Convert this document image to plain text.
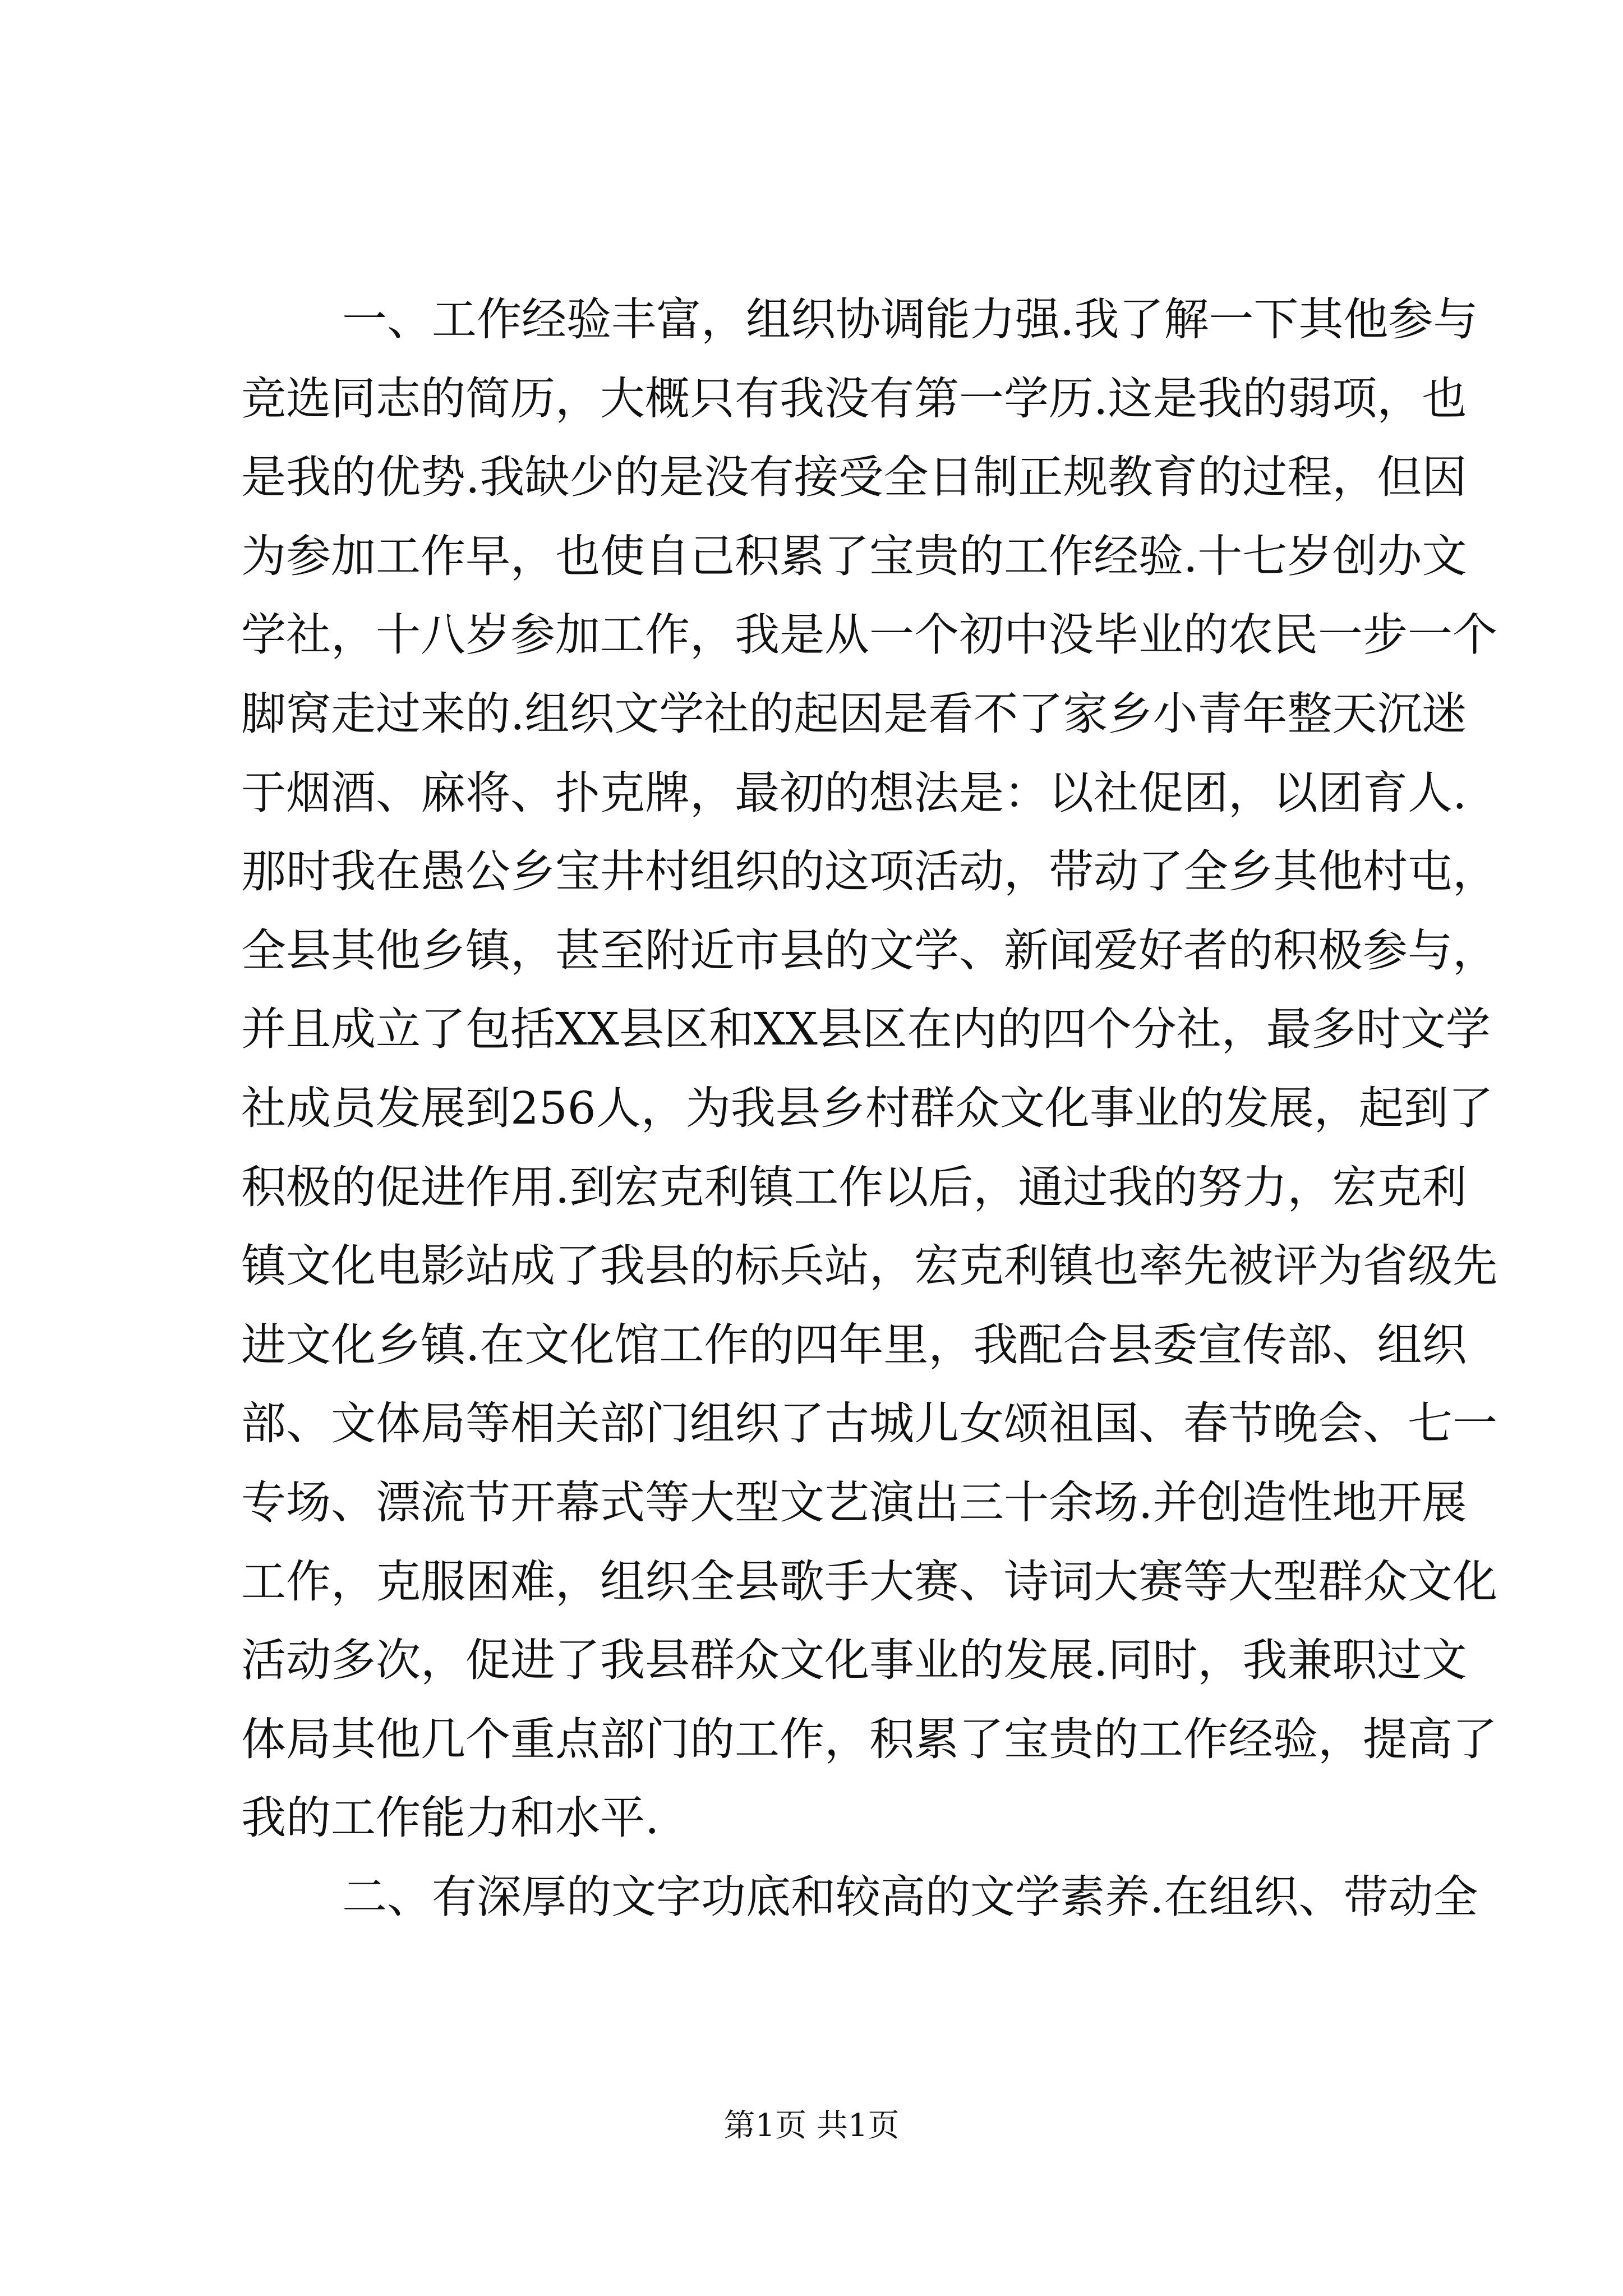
一、工作经验丰富，组织协调能力强.我了解一下其他参与
竞选同志的简历，大概只有我没有第一学历.这是我的弱项，也
是我的优势.我缺少的是没有接受全日制正规教育的过程，但因
为参加工作早，也使自己积累了宝贵的工作经验.十七岁创办文
学社，十八岁参加工作，我是从一个初中没毕业的农民一步一个
脚窝走过来的.组织文学社的起因是看不了家乡小青年整天沉迷
于烟酒、麻将、扑克牌，最初的想法是：以社促团，以团育人.
那时我在愚公乡宝井村组织的这项活动，带动了全乡其他村屯，
全县其他乡镇，甚至附近市县的文学、新闻爱好者的积极参与，
并且成立了包括XX县区和XX县区在内的四个分社，最多时文学
社成员发展到256人，为我县乡村群众文化事业的发展，起到了
积极的促进作用.到宏克利镇工作以后，通过我的努力，宏克利
镇文化电影站成了我县的标兵站，宏克利镇也率先被评为省级先
进文化乡镇.在文化馆工作的四年里，我配合县委宣传部、组织
部、文体局等相关部门组织了古城儿女颂祖国、春节晚会、七一
专场、漂流节开幕式等大型文艺演出三十余场.并创造性地开展
工作，克服困难，组织全县歌手大赛、诗词大赛等大型群众文化
活动多次，促进了我县群众文化事业的发展.同时，我兼职过文
体局其他几个重点部门的工作，积累了宝贵的工作经验，提高了
我的工作能力和水平.
二、有深厚的文字功底和较高的文学素养.在组织、带动全
第1页 共1页
